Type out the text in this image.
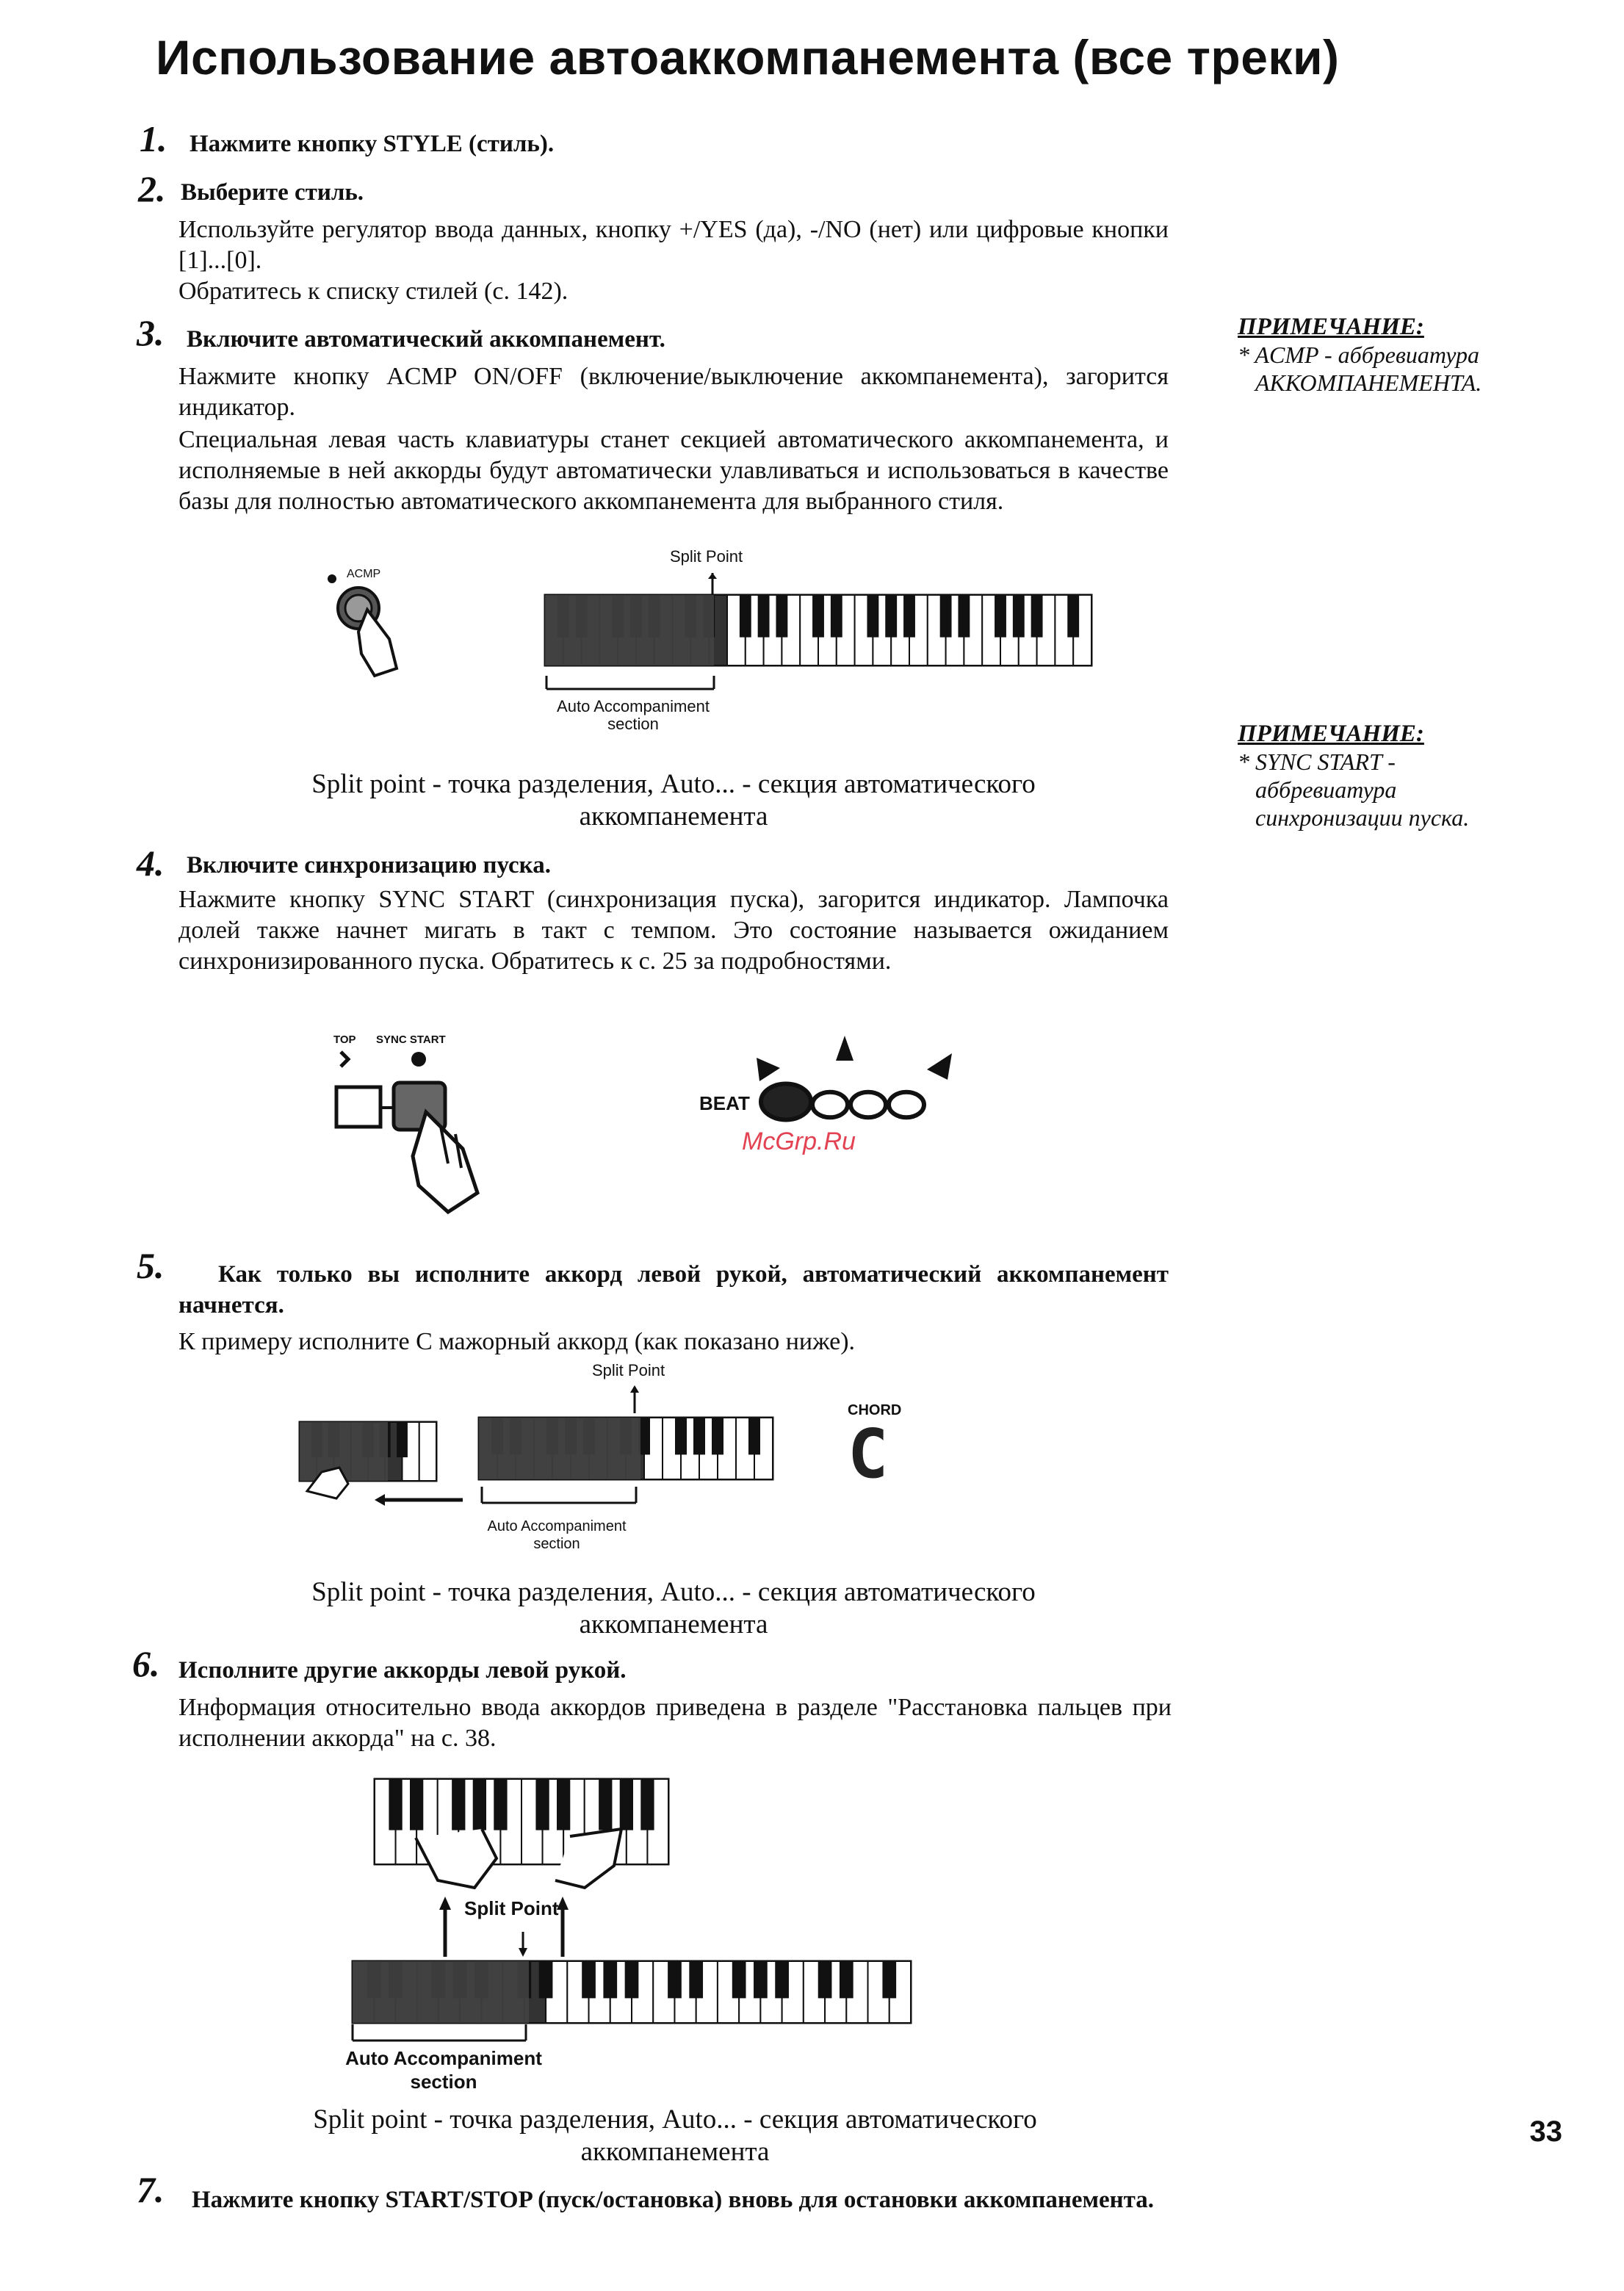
Использование автоаккомпанемента (все треки)
1. Нажмите кнопку STYLE (стиль).
2. Выберите стиль.
Используйте регулятор ввода данных, кнопку +/YES (да), -/NO (нет) или цифровые кнопки [1]...[0].
Обратитесь к списку стилей (с. 142).
3. Включите автоматический аккомпанемент.
Нажмите кнопку ACMP ON/OFF (включение/выключение аккомпанемента), загорится индикатор.
Специальная левая часть клавиатуры станет секцией автоматического аккомпанемента, и исполняемые в ней аккорды будут автоматически улавливаться и использоваться в качестве базы для полностью автоматического аккомпанемента для выбранного стиля.
ACMP
Split Point
Auto Accompaniment
section
Split point - точка разделения, Auto... - секция автоматического
аккомпанемента
4. Включите синхронизацию пуска.
Нажмите кнопку SYNC START (синхронизация пуска), загорится индикатор. Лампочка долей также начнет мигать в такт с темпом. Это состояние называется ожиданием синхронизированного пуска. Обратитесь к с. 25 за подробностями.
TOP SYNC START
BEAT
McGrp.Ru
ПРИМЕЧАНИЕ:
* ACMP - аббревиатура
АККОМПАНЕМЕНТА.
ПРИМЕЧАНИЕ:
* SYNC START -
аббревиатура
синхронизации пуска.
5.	Как только вы исполните аккорд левой рукой, автоматический аккомпанемент начнется.
К примеру исполните С мажорный аккорд (как показано ниже).
Split Point
Auto Accompaniment
section
CHORD
C
Split point - точка разделения, Auto... - секция автоматического
аккомпанемента
6. Исполните другие аккорды левой рукой.
Информация относительно ввода аккордов приведена в разделе "Расстановка пальцев при исполнении аккорда" на с. 38.
Split Point
Auto Accompaniment
section
Split point - точка разделения, Auto... - секция автоматического
аккомпанемента
7.	Нажмите кнопку START/STOP (пуск/остановка) вновь для остановки аккомпанемента.
33
